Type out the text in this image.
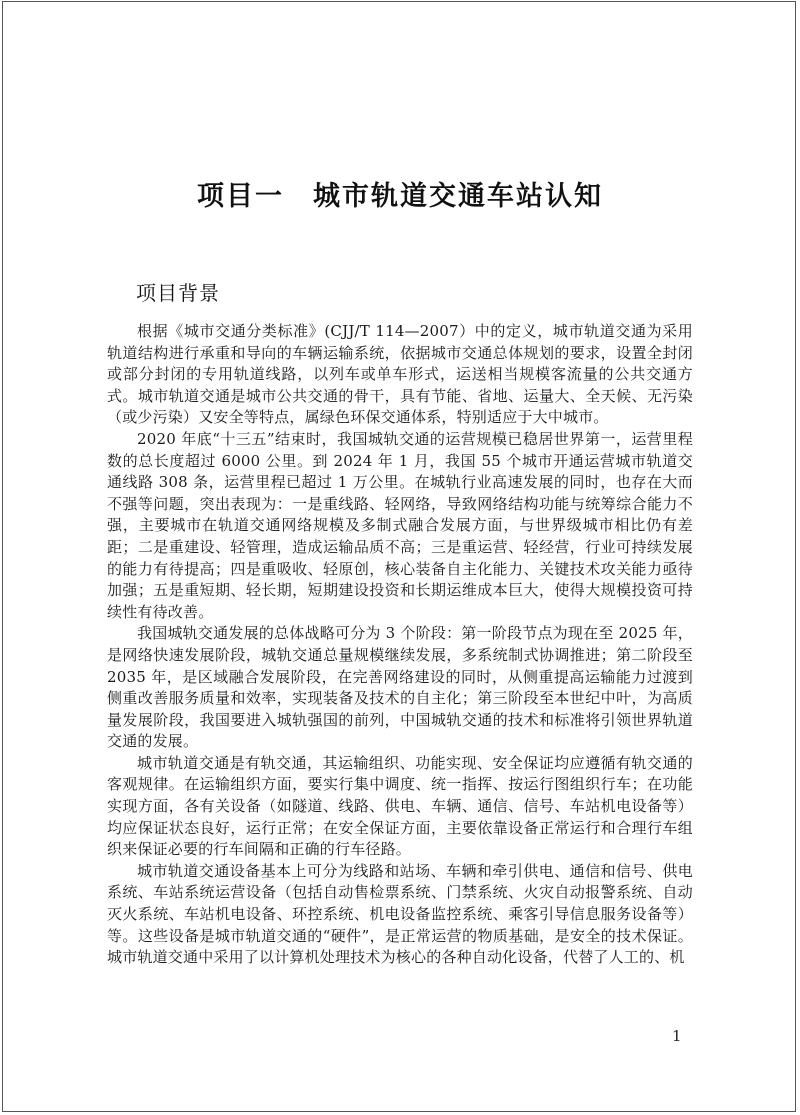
项目一　城市轨道交通车站认知
项目背景

根据《城市交通分类标准》(CJJ/T 114—2007）中的定义，城市轨道交通为采用轨道结构进行承重和导向的车辆运输系统，依据城市交通总体规划的要求，设置全封闭或部分封闭的专用轨道线路，以列车或单车形式，运送相当规模客流量的公共交通方式。城市轨道交通是城市公共交通的骨干，具有节能、省地、运量大、全天候、无污染（或少污染）又安全等特点，属绿色环保交通体系，特别适应于大中城市。

2020 年底“十三五”结束时，我国城轨交通的运营规模已稳居世界第一，运营里程数的总长度超过 6000 公里。到 2024 年 1 月，我国 55 个城市开通运营城市轨道交通线路 308 条，运营里程已超过 1 万公里。在城轨行业高速发展的同时，也存在大而不强等问题，突出表现为：一是重线路、轻网络，导致网络结构功能与统筹综合能力不强，主要城市在轨道交通网络规模及多制式融合发展方面，与世界级城市相比仍有差距；二是重建设、轻管理，造成运输品质不高；三是重运营、轻经营，行业可持续发展的能力有待提高；四是重吸收、轻原创，核心装备自主化能力、关键技术攻关能力亟待加强；五是重短期、轻长期，短期建设投资和长期运维成本巨大，使得大规模投资可持续性有待改善。

我国城轨交通发展的总体战略可分为 3 个阶段：第一阶段节点为现在至 2025 年，是网络快速发展阶段，城轨交通总量规模继续发展，多系统制式协调推进；第二阶段至 2035 年，是区域融合发展阶段，在完善网络建设的同时，从侧重提高运输能力过渡到侧重改善服务质量和效率，实现装备及技术的自主化；第三阶段至本世纪中叶，为高质量发展阶段，我国要进入城轨强国的前列，中国城轨交通的技术和标准将引领世界轨道交通的发展。

城市轨道交通是有轨交通，其运输组织、功能实现、安全保证均应遵循有轨交通的客观规律。在运输组织方面，要实行集中调度、统一指挥、按运行图组织行车；在功能实现方面，各有关设备（如隧道、线路、供电、车辆、通信、信号、车站机电设备等）均应保证状态良好，运行正常；在安全保证方面，主要依靠设备正常运行和合理行车组织来保证必要的行车间隔和正确的行车径路。

城市轨道交通设备基本上可分为线路和站场、车辆和牵引供电、通信和信号、供电系统、车站系统运营设备（包括自动售检票系统、门禁系统、火灾自动报警系统、自动灭火系统、车站机电设备、环控系统、机电设备监控系统、乘客引导信息服务设备等）等。这些设备是城市轨道交通的“硬件”，是正常运营的物质基础，是安全的技术保证。城市轨道交通中采用了以计算机处理技术为核心的各种自动化设备，代替了人工的、机

1
